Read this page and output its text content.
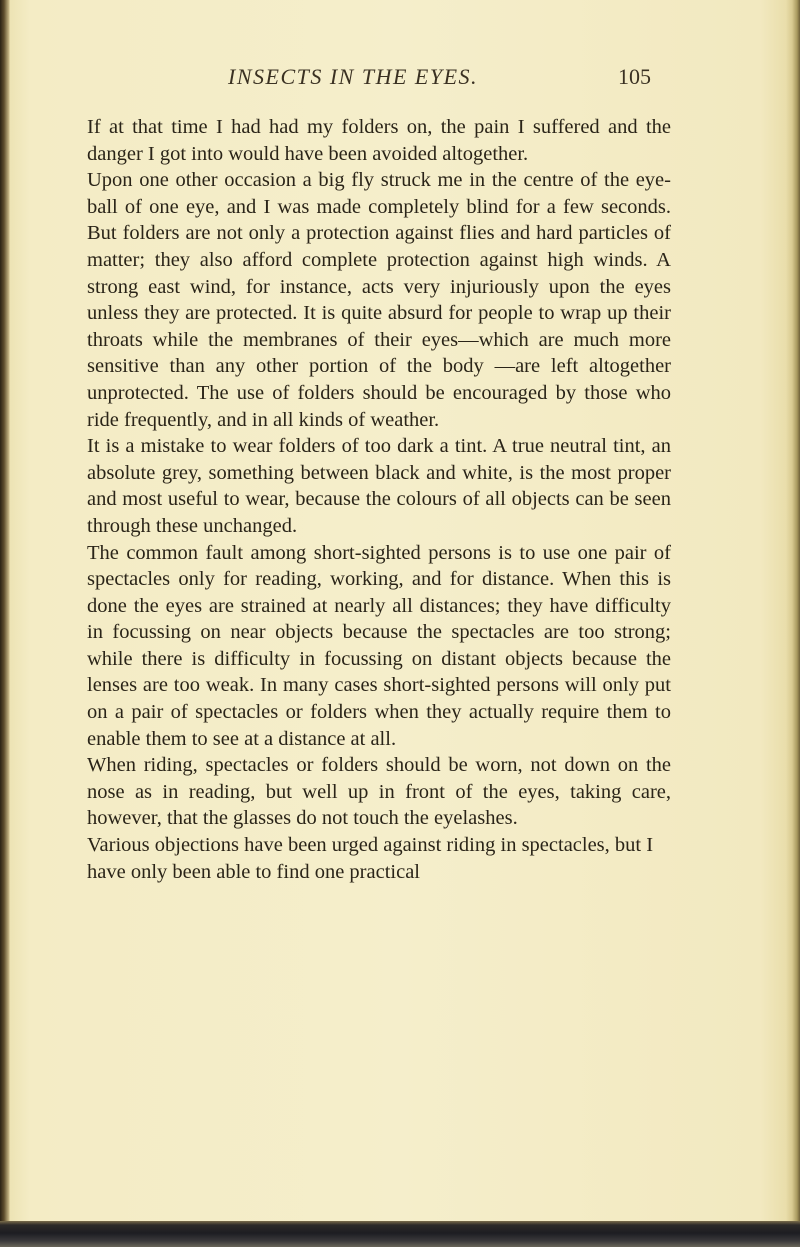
INSECTS IN THE EYES.	105

If at that time I had had my folders on, the pain I suffered and the danger I got into would have been avoided altogether.

Upon one other occasion a big fly struck me in the centre of the eye-ball of one eye, and I was made completely blind for a few seconds. But folders are not only a protection against flies and hard particles of matter; they also afford complete protection against high winds. A strong east wind, for instance, acts very injuriously upon the eyes unless they are protected. It is quite absurd for people to wrap up their throats while the membranes of their eyes—which are much more sensitive than any other portion of the body —are left altogether unprotected. The use of folders should be encouraged by those who ride frequently, and in all kinds of weather.

It is a mistake to wear folders of too dark a tint. A true neutral tint, an absolute grey, something between black and white, is the most proper and most useful to wear, because the colours of all objects can be seen through these unchanged.

The common fault among short-sighted persons is to use one pair of spectacles only for reading, working, and for distance. When this is done the eyes are strained at nearly all distances; they have difficulty in focussing on near objects because the spectacles are too strong; while there is difficulty in focussing on distant objects because the lenses are too weak. In many cases short-sighted persons will only put on a pair of spectacles or folders when they actually require them to enable them to see at a distance at all.

When riding, spectacles or folders should be worn, not down on the nose as in reading, but well up in front of the eyes, taking care, however, that the glasses do not touch the eyelashes.

Various objections have been urged against riding in spectacles, but I have only been able to find one practical
